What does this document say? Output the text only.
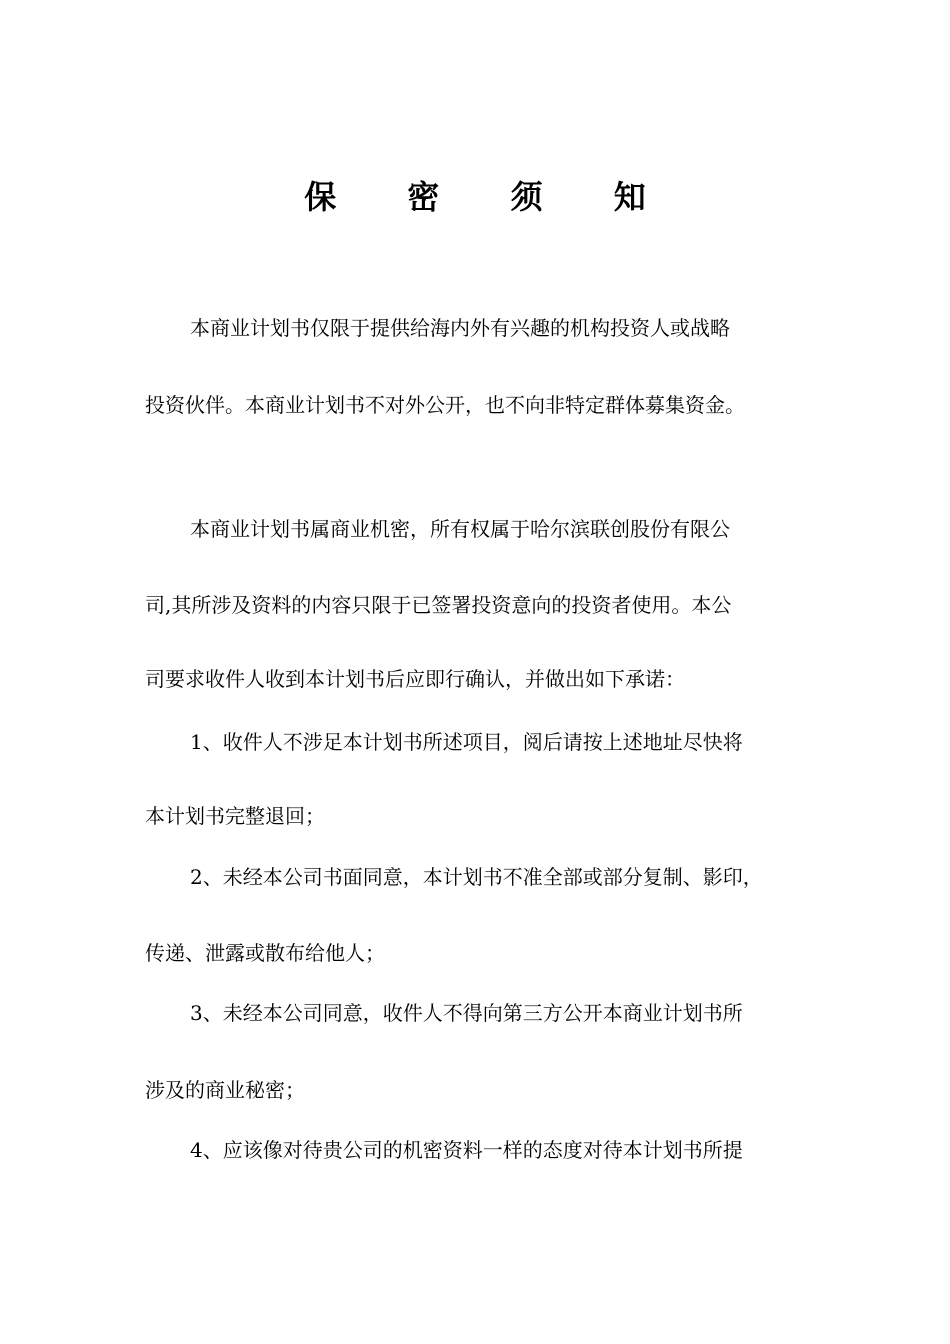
保 密 须 知

本商业计划书仅限于提供给海内外有兴趣的机构投资人或战略

投资伙伴。本商业计划书不对外公开，也不向非特定群体募集资金。

本商业计划书属商业机密，所有权属于哈尔滨联创股份有限公

司,其所涉及资料的内容只限于已签署投资意向的投资者使用。本公

司要求收件人收到本计划书后应即行确认，并做出如下承诺：

1、收件人不涉足本计划书所述项目，阅后请按上述地址尽快将

本计划书完整退回；

2、未经本公司书面同意，本计划书不准全部或部分复制、影印，

传递、泄露或散布给他人；

3、未经本公司同意，收件人不得向第三方公开本商业计划书所

涉及的商业秘密；

4、应该像对待贵公司的机密资料一样的态度对待本计划书所提
